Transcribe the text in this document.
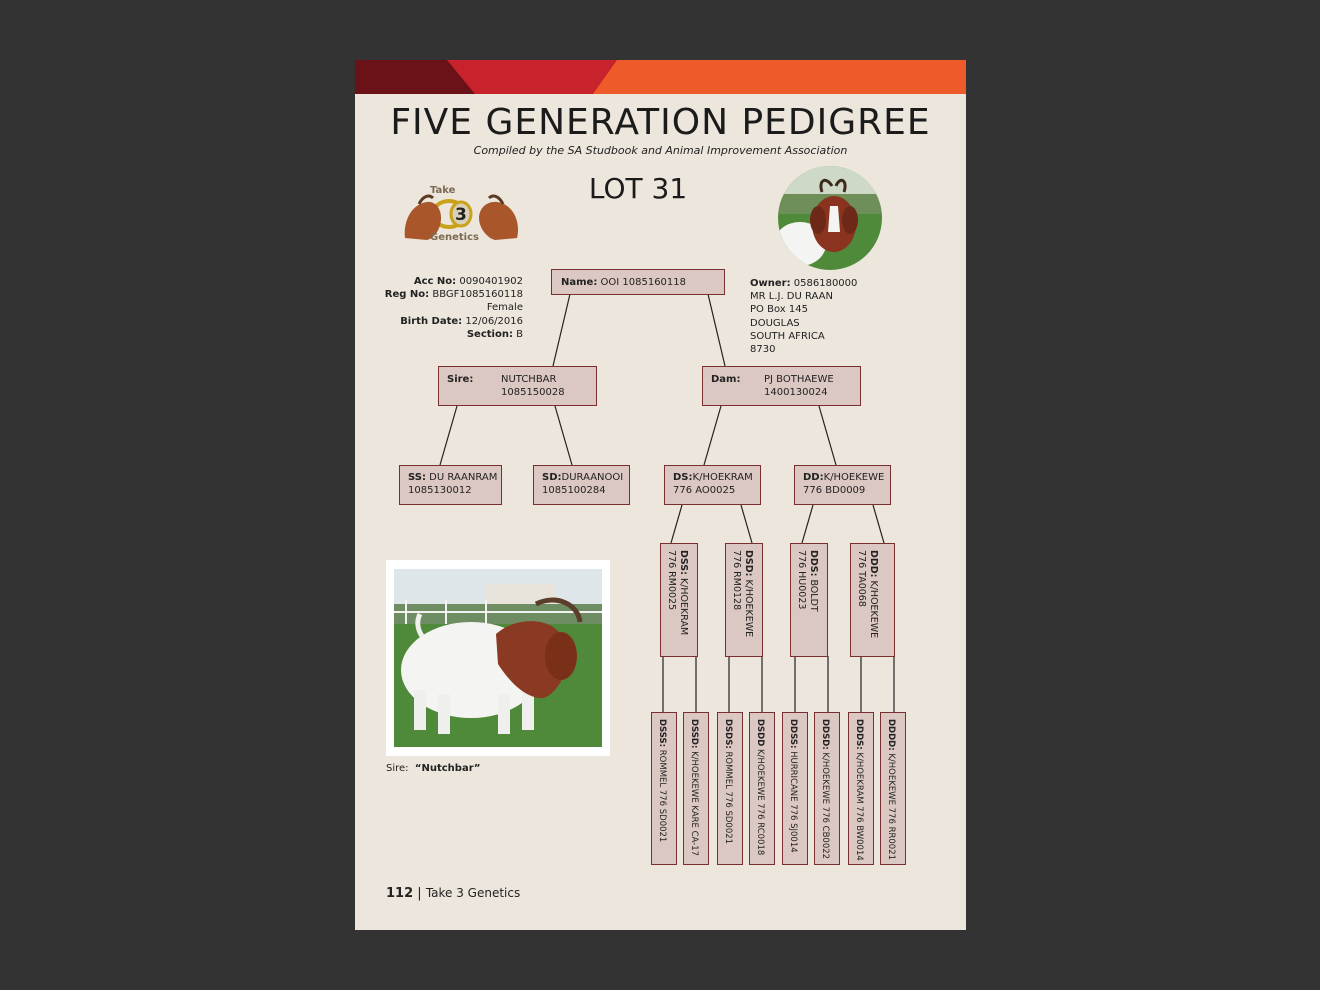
FIVE GENERATION PEDIGREE
Compiled by the SA Studbook and Animal Improvement Association
LOT 31
Take
3
Genetics
Acc No: 0090401902
Reg No: BBGF1085160118
Female
Birth Date: 12/06/2016
Section: B
Owner: 0586180000
MR L.J. DU RAAN
PO Box 145
DOUGLAS
SOUTH AFRICA
8730
Name: OOI 1085160118
Sire:	NUTCHBAR
1085150028
Dam: PJ BOTHAEWE
1400130024
SS: DU RAANRAM
1085130012
SD:DURAANOOI
1085100284
DS:K/HOEKRAM
776 AO0025
DD:K/HOEKEWE
776 BD0009
DSS: K/HOEKRAM
776 RM0025	DSD: K/HOEKEWE
776 RM0128	DDS: BOLDT
776 HU0023	DDD: K/HOEKEWE
776 TA0068
DSSS: ROMMEL 776 SD0021
DSSD: K/HOEKEWE KARE CA-17
DSDS: ROMMEL 776 SD0021
DSDD K/HOEKEWE 776 RC0018
DDSS: HURRICANE 776 SJ0014
DDSD: K/HOEKEWE 776 CB0022
DDDS: K/HOEKRAM 776 BW0014
DDDD: K/HOEKEWE 776 RR0021
Sire: “Nutchbar”
112 | Take 3 Genetics
